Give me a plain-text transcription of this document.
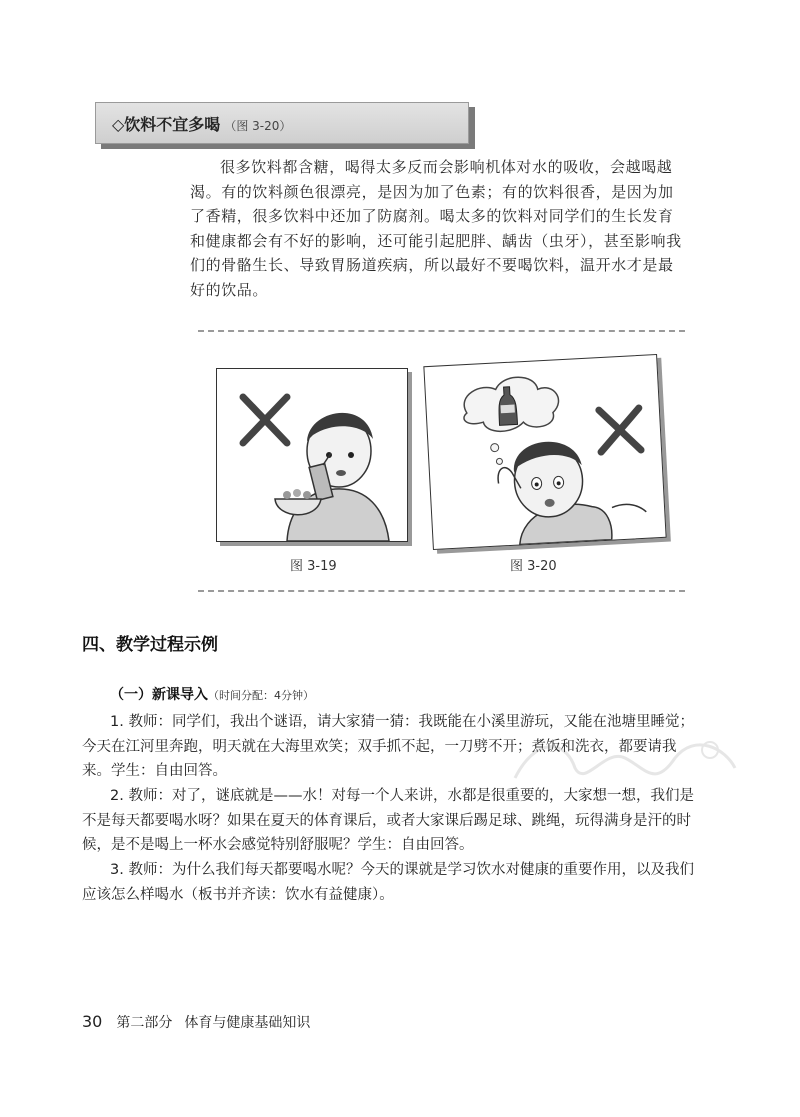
◇饮料不宜多喝 （图 3-20）
很多饮料都含糖，喝得太多反而会影响机体对水的吸收，会越喝越渴。有的饮料颜色很漂亮，是因为加了色素；有的饮料很香，是因为加了香精，很多饮料中还加了防腐剂。喝太多的饮料对同学们的生长发育和健康都会有不好的影响，还可能引起肥胖、龋齿（虫牙），甚至影响我们的骨骼生长、导致胃肠道疾病，所以最好不要喝饮料，温开水才是最好的饮品。
图 3-19	图 3-20
四、教学过程示例
（一）新课导入（时间分配：4分钟）
1. 教师：同学们，我出个谜语，请大家猜一猜：我既能在小溪里游玩，又能在池塘里睡觉；今天在江河里奔跑，明天就在大海里欢笑；双手抓不起，一刀劈不开；煮饭和洗衣，都要请我来。学生：自由回答。
2. 教师：对了，谜底就是——水！对每一个人来讲，水都是很重要的，大家想一想，我们是不是每天都要喝水呀？如果在夏天的体育课后，或者大家课后踢足球、跳绳，玩得满身是汗的时候，是不是喝上一杯水会感觉特别舒服呢？学生：自由回答。
3. 教师：为什么我们每天都要喝水呢？今天的课就是学习饮水对健康的重要作用，以及我们应该怎么样喝水（板书并齐读：饮水有益健康）。
30 第二部分 体育与健康基础知识
